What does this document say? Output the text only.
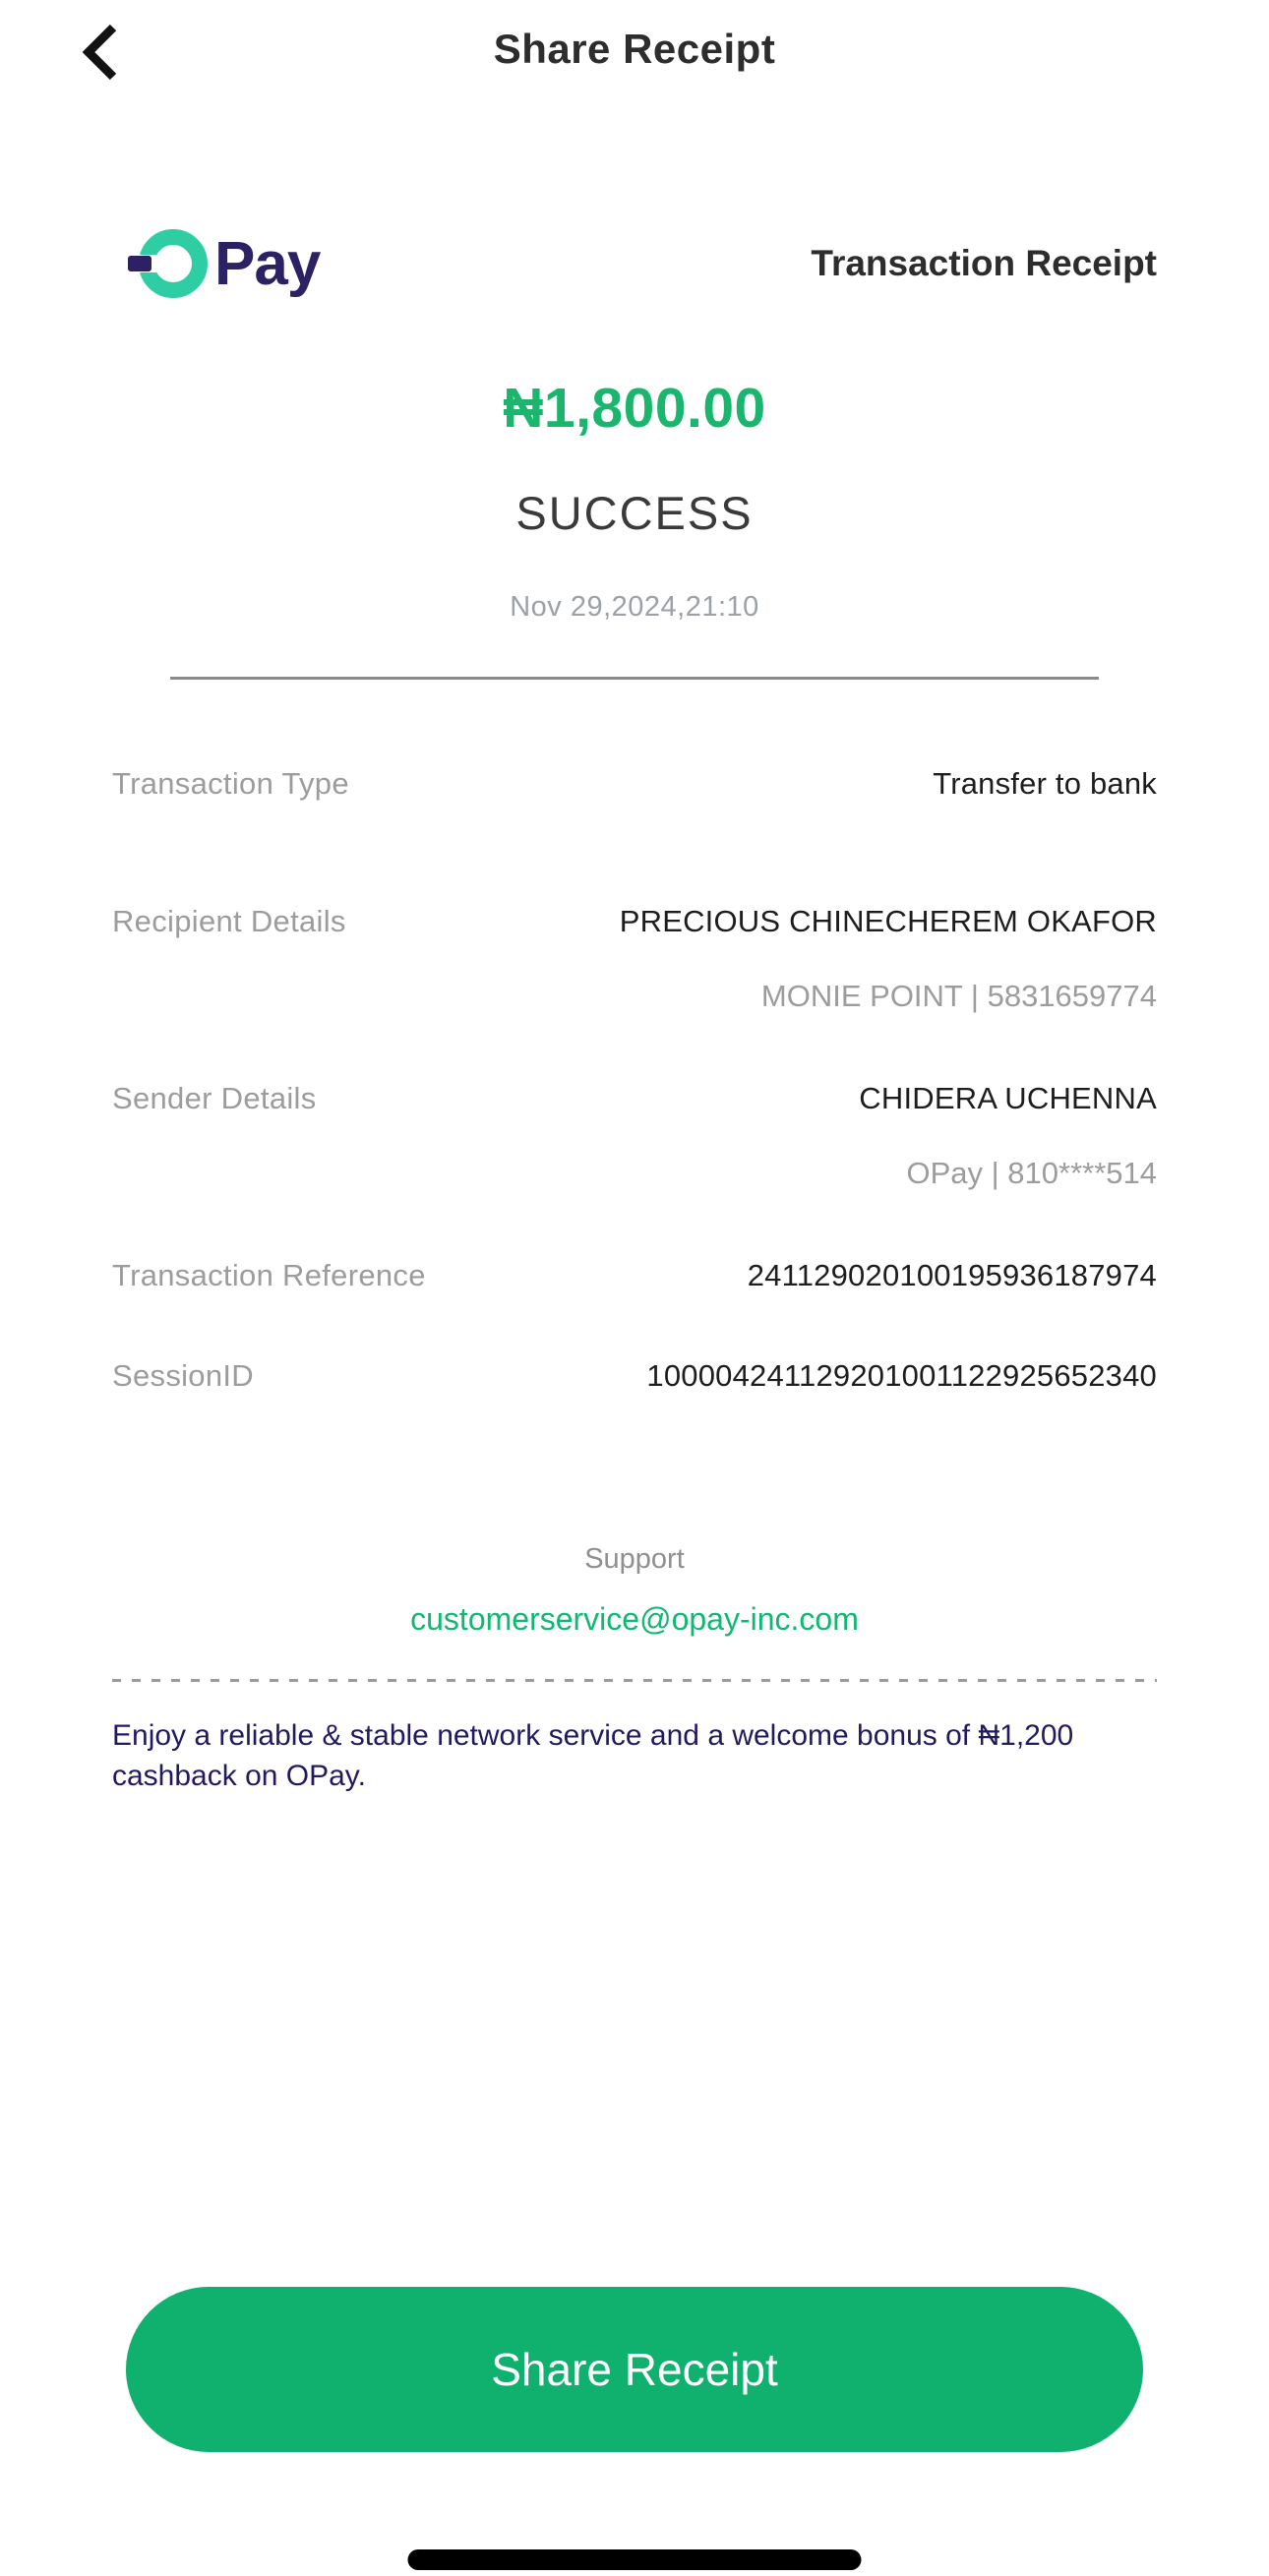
Share Receipt
Pay	Transaction Receipt
₦1,800.00
SUCCESS
Nov 29,2024,21:10
Transaction Type	Transfer to bank
Recipient Details	PRECIOUS CHINECHEREM OKAFOR
MONIE POINT | 5831659774
Sender Details	CHIDERA UCHENNA
OPay | 810****514
Transaction Reference	241129020100195936187974
SessionID	100004241129201001122925652340
Support
customerservice@opay-inc.com
Enjoy a reliable & stable network service and a welcome bonus of ₦1,200 cashback on OPay.
Share Receipt
